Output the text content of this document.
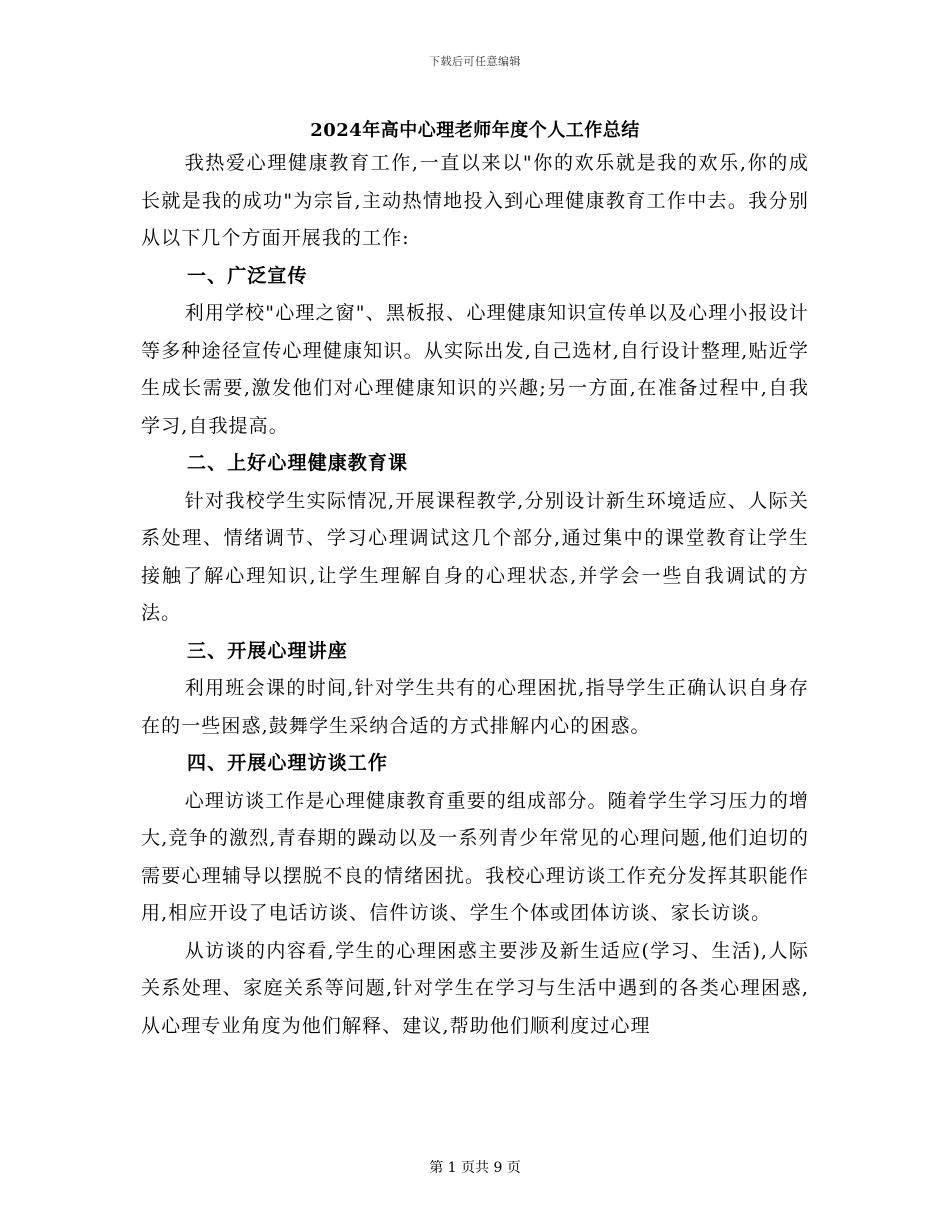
下载后可任意编辑
2024年高中心理老师年度个人工作总结

我热爱心理健康教育工作,一直以来以"你的欢乐就是我的欢乐,你的成长就是我的成功"为宗旨,主动热情地投入到心理健康教育工作中去。我分别从以下几个方面开展我的工作:

一、广泛宣传

利用学校"心理之窗"、黑板报、心理健康知识宣传单以及心理小报设计等多种途径宣传心理健康知识。从实际出发,自己选材,自行设计整理,贴近学生成长需要,激发他们对心理健康知识的兴趣;另一方面,在准备过程中,自我学习,自我提高。

二、上好心理健康教育课

针对我校学生实际情况,开展课程教学,分别设计新生环境适应、人际关系处理、情绪调节、学习心理调试这几个部分,通过集中的课堂教育让学生接触了解心理知识,让学生理解自身的心理状态,并学会一些自我调试的方法。

三、开展心理讲座

利用班会课的时间,针对学生共有的心理困扰,指导学生正确认识自身存在的一些困惑,鼓舞学生采纳合适的方式排解内心的困惑。

四、开展心理访谈工作

心理访谈工作是心理健康教育重要的组成部分。随着学生学习压力的增大,竞争的激烈,青春期的躁动以及一系列青少年常见的心理问题,他们迫切的需要心理辅导以摆脱不良的情绪困扰。我校心理访谈工作充分发挥其职能作用,相应开设了电话访谈、信件访谈、学生个体或团体访谈、家长访谈。

从访谈的内容看,学生的心理困惑主要涉及新生适应(学习、生活),人际关系处理、家庭关系等问题,针对学生在学习与生活中遇到的各类心理困惑,从心理专业角度为他们解释、建议,帮助他们顺利度过心理

第 1 页共 9 页
